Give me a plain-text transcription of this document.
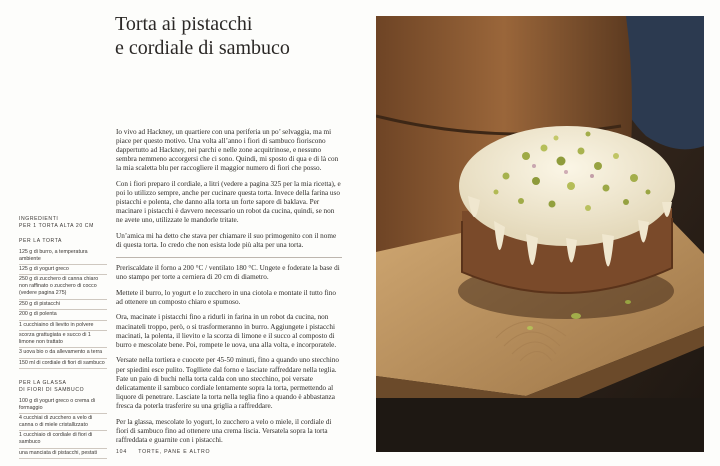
Torta ai pistacchi
e cordiale di sambuco

Io vivo ad Hackney, un quartiere con una periferia un po’ selvaggia, ma mi piace per questo motivo. Una volta all’anno i fiori di sambuco fioriscono dappertutto ad Hackney, nei parchi e nelle zone acquitrinose, e nessuno sembra nemmeno accorgersi che ci sono. Quindi, mi sposto di qua e di là con la mia scaletta blu per raccogliere il maggior numero di fiori che posso.

Con i fiori preparo il cordiale, a litri (vedere a pagina 325 per la mia ricetta), e poi lo utilizzo sempre, anche per cucinare questa torta. Invece della farina uso pistacchi e polenta, che danno alla torta un forte sapore di baklava. Per macinare i pistacchi è davvero necessario un robot da cucina, quindi, se non ne avete uno, utilizzate le mandorle tritate.

Un’amica mi ha detto che stava per chiamare il suo primogenito con il nome di questa torta. Io credo che non esista lode più alta per una torta.

Preriscaldate il forno a 200 °C / ventilato 180 °C. Ungete e foderate la base di uno stampo per torte a cerniera di 20 cm di diametro.

Mettete il burro, lo yogurt e lo zucchero in una ciotola e montate il tutto fino ad ottenere un composto chiaro e spumoso.

Ora, macinate i pistacchi fino a ridurli in farina in un robot da cucina, non macinateli troppo, però, o si trasformeranno in burro. Aggiungete i pistacchi macinati, la polenta, il lievito e la scorza di limone e il succo al composto di burro e mescolate bene. Poi, rompete le uova, una alla volta, e incorporatele.

Versate nella tortiera e cuocete per 45-50 minuti, fino a quando uno stecchino per spiedini esce pulito. Toglliete dal forno e lasciate raffreddare nella teglia. Fate un paio di buchi nella torta calda con uno stecchino, poi versate delicatamente il sambuco cordiale lentamente sopra la torta, permettendo al liquore di penetrare. Lasciate la torta nella teglia fino a quando è abbastanza fresca da poterla trasferire su una griglia a raffreddare.

Per la glassa, mescolate lo yogurt, lo zucchero a velo o miele, il cordiale di fiori di sambuco fino ad ottenere una crema liscia. Versatela sopra la torta raffreddata e guarnite con i pistacchi.

INGREDIENTI
PER 1 TORTA ALTA 20 CM
PER LA TORTA
125 g di burro, a temperatura ambiente
125 g di yogurt greco
250 g di zucchero di canna chiaro non raffinato o zucchero di cocco (vedere pagina 275)
250 g di pistacchi
200 g di polenta
1 cucchiaino di lievito in polvere
scorza grattugiata e succo di 1 limone non trattato
3 uova bio o da allevamento a terra
150 ml di cordiale di fiori di sambuco
PER LA GLASSA
DI FIORI DI SAMBUCO
100 g di yogurt greco o crema di formaggio
4 cucchiai di zucchero a velo di canna o di miele cristallizzato
1 cucchiaio di cordiale di fiori di sambuco
una manciata di pistacchi, pestati	104 TORTE, PANE E ALTRO
